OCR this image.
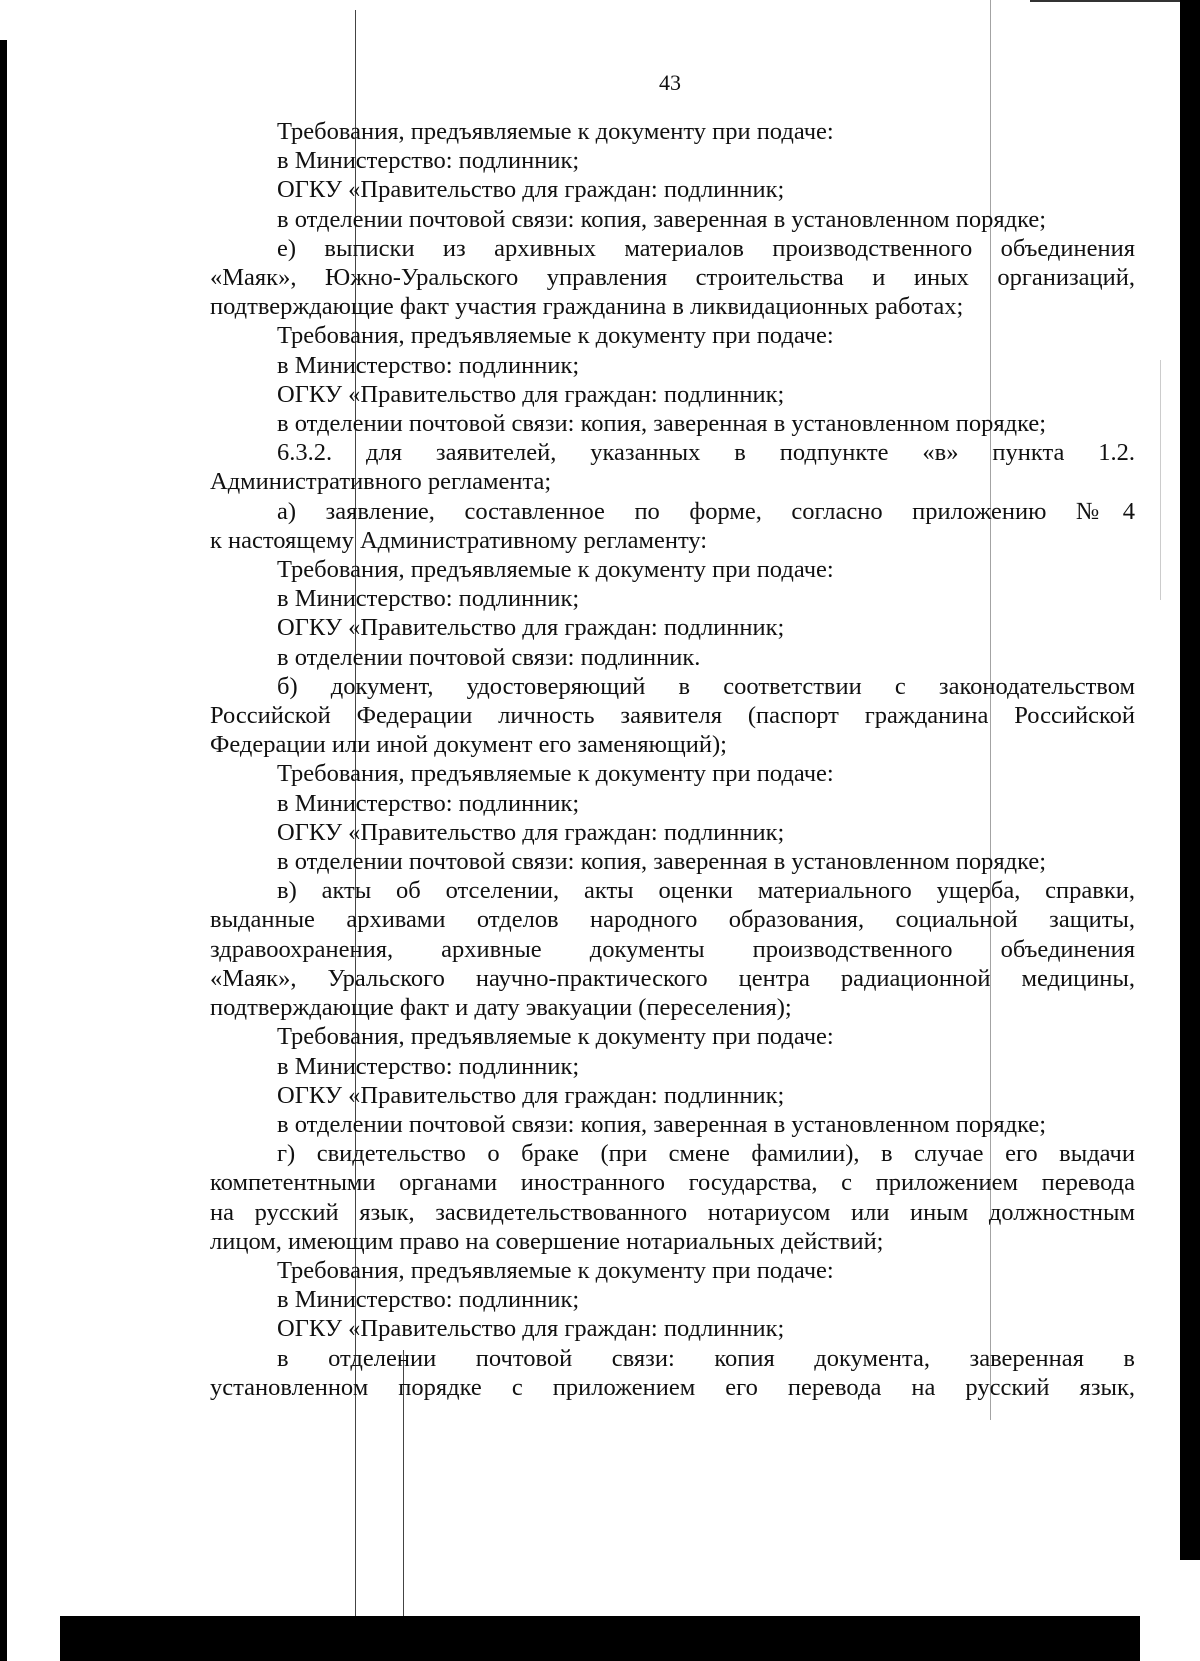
43
Требования, предъявляемые к документу при подаче:
в Министерство: подлинник;
ОГКУ «Правительство для граждан: подлинник;
в отделении почтовой связи: копия, заверенная в установленном порядке;
е) выписки из архивных материалов производственного объединения
«Маяк», Южно-Уральского управления строительства и иных организаций,
подтверждающие факт участия гражданина в ликвидационных работах;
Требования, предъявляемые к документу при подаче:
в Министерство: подлинник;
ОГКУ «Правительство для граждан: подлинник;
в отделении почтовой связи: копия, заверенная в установленном порядке;
6.3.2. для заявителей, указанных в подпункте «в» пункта 1.2.
Административного регламента;
а) заявление, составленное по форме, согласно приложению №4
к настоящему Административному регламенту:
Требования, предъявляемые к документу при подаче:
в Министерство: подлинник;
ОГКУ «Правительство для граждан: подлинник;
в отделении почтовой связи: подлинник.
б) документ, удостоверяющий в соответствии с законодательством
Российской Федерации личность заявителя (паспорт гражданина Российской
Федерации или иной документ его заменяющий);
Требования, предъявляемые к документу при подаче:
в Министерство: подлинник;
ОГКУ «Правительство для граждан: подлинник;
в отделении почтовой связи: копия, заверенная в установленном порядке;
в) акты об отселении, акты оценки материального ущерба, справки,
выданные архивами отделов народного образования, социальной защиты,
здравоохранения, архивные документы производственного объединения
«Маяк», Уральского научно-практического центра радиационной медицины,
подтверждающие факт и дату эвакуации (переселения);
Требования, предъявляемые к документу при подаче:
в Министерство: подлинник;
ОГКУ «Правительство для граждан: подлинник;
в отделении почтовой связи: копия, заверенная в установленном порядке;
г) свидетельство о браке (при смене фамилии), в случае его выдачи
компетентными органами иностранного государства, с приложением перевода
на русский язык, засвидетельствованного нотариусом или иным должностным
лицом, имеющим право на совершение нотариальных действий;
Требования, предъявляемые к документу при подаче:
в Министерство: подлинник;
ОГКУ «Правительство для граждан: подлинник;
в отделении почтовой связи: копия документа, заверенная в
установленном порядке с приложением его перевода на русский язык,
